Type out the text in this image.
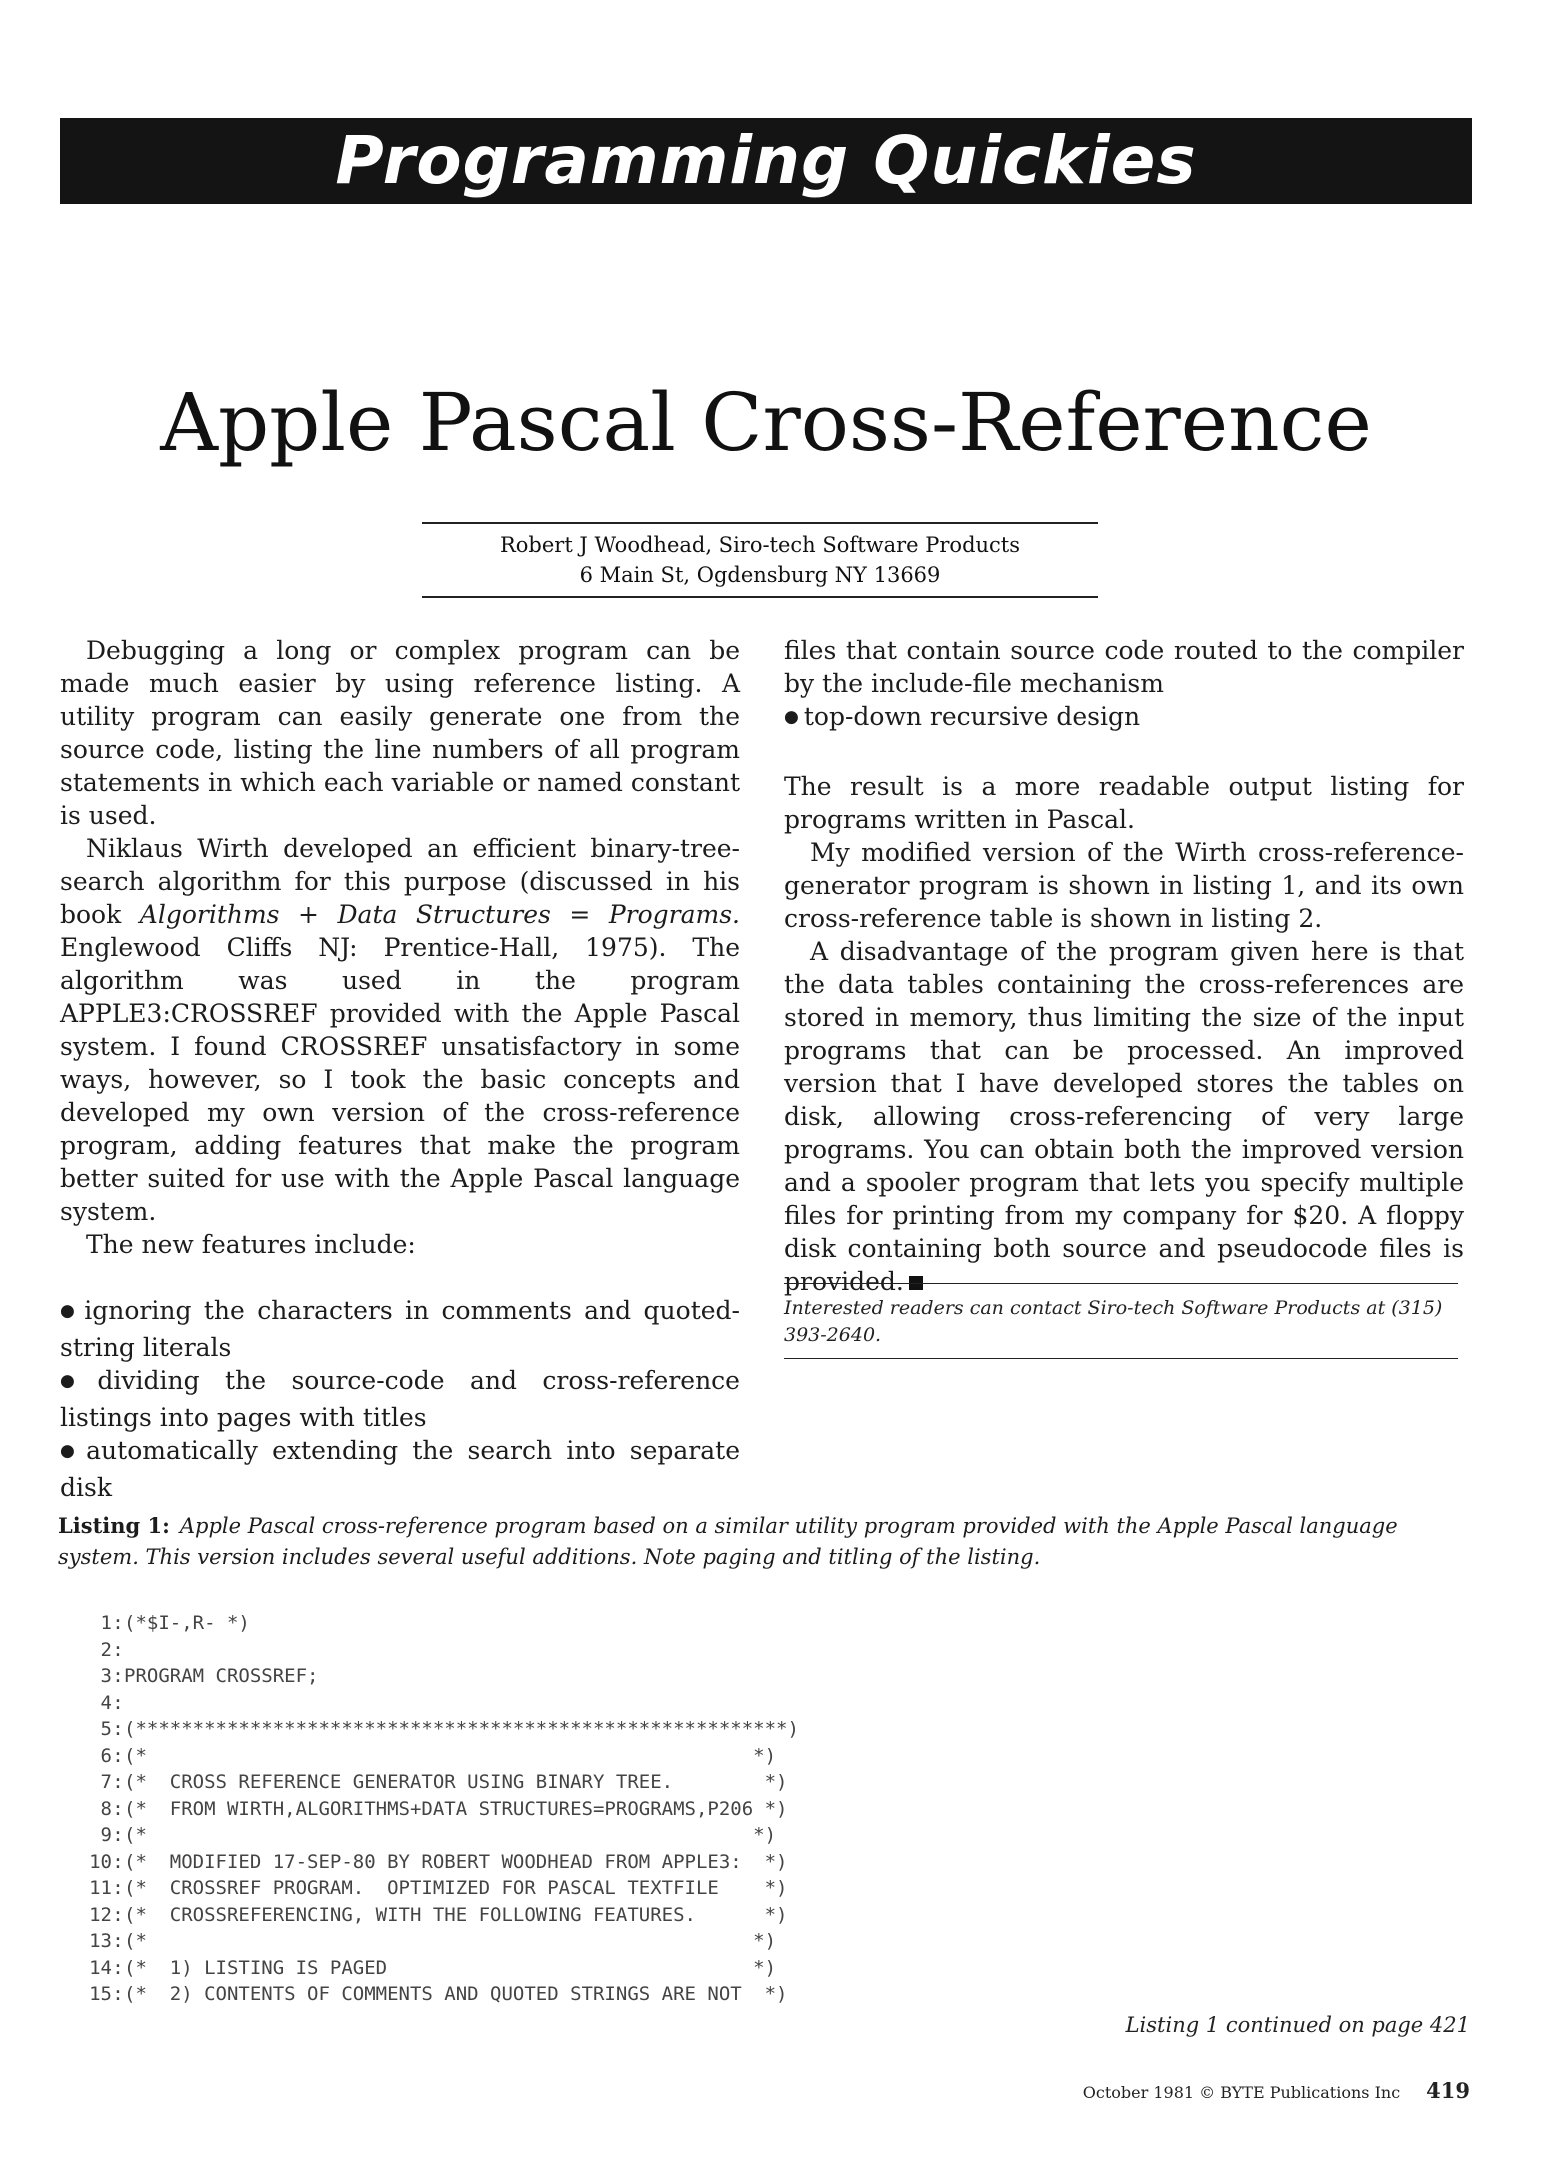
Programming Quickies
Apple Pascal Cross-Reference
Robert J Woodhead, Siro-tech Software Products
6 Main St, Ogdensburg NY 13669

Debugging a long or complex program can be made much easier by using reference listing. A utility program can easily generate one from the source code, listing the line numbers of all program statements in which each variable or named constant is used.

Niklaus Wirth developed an efficient binary-tree-search algorithm for this purpose (discussed in his book Algorithms + Data Structures = Programs. Englewood Cliffs NJ: Prentice-Hall, 1975). The algorithm was used in the program APPLE3:CROSSREF provided with the Apple Pascal system. I found CROSSREF unsatisfactory in some ways, however, so I took the basic concepts and developed my own version of the cross-reference program, adding features that make the program better suited for use with the Apple Pascal language system.

The new features include:

● ignoring the characters in comments and quoted-string literals

● dividing the source-code and cross-reference listings into pages with titles

● automatically extending the search into separate disk

files that contain source code routed to the compiler by the include-file mechanism

● top-down recursive design

The result is a more readable output listing for programs written in Pascal.

My modified version of the Wirth cross-reference-generator program is shown in listing 1, and its own cross-reference table is shown in listing 2.

A disadvantage of the program given here is that the data tables containing the cross-references are stored in memory, thus limiting the size of the input programs that can be processed. An improved version that I have developed stores the tables on disk, allowing cross-referencing of very large programs. You can obtain both the improved version and a spooler program that lets you specify multiple files for printing from my company for $20. A floppy disk containing both source and pseudocode files is provided.

Interested readers can contact Siro-tech Software Products at (315) 393-2640.
Listing 1: Apple Pascal cross-reference program based on a similar utility program provided with the Apple Pascal language system. This version includes several useful additions. Note paging and titling of the listing.
1:(*$I-,R- *)
2:
3:PROGRAM CROSSREF;
4:
5:(*********************************************************)
6:(*                                                     *)
7:(*  CROSS REFERENCE GENERATOR USING BINARY TREE.        *)
8:(*  FROM WIRTH,ALGORITHMS+DATA STRUCTURES=PROGRAMS,P206 *)
9:(*                                                     *)
10:(*  MODIFIED 17-SEP-80 BY ROBERT WOODHEAD FROM APPLE3:  *)
11:(*  CROSSREF PROGRAM.  OPTIMIZED FOR PASCAL TEXTFILE    *)
12:(*  CROSSREFERENCING, WITH THE FOLLOWING FEATURES.      *)
13:(*                                                     *)
14:(*  1) LISTING IS PAGED                                *)
15:(*  2) CONTENTS OF COMMENTS AND QUOTED STRINGS ARE NOT  *)
Listing 1 continued on page 421
October 1981 © BYTE Publications Inc 419
